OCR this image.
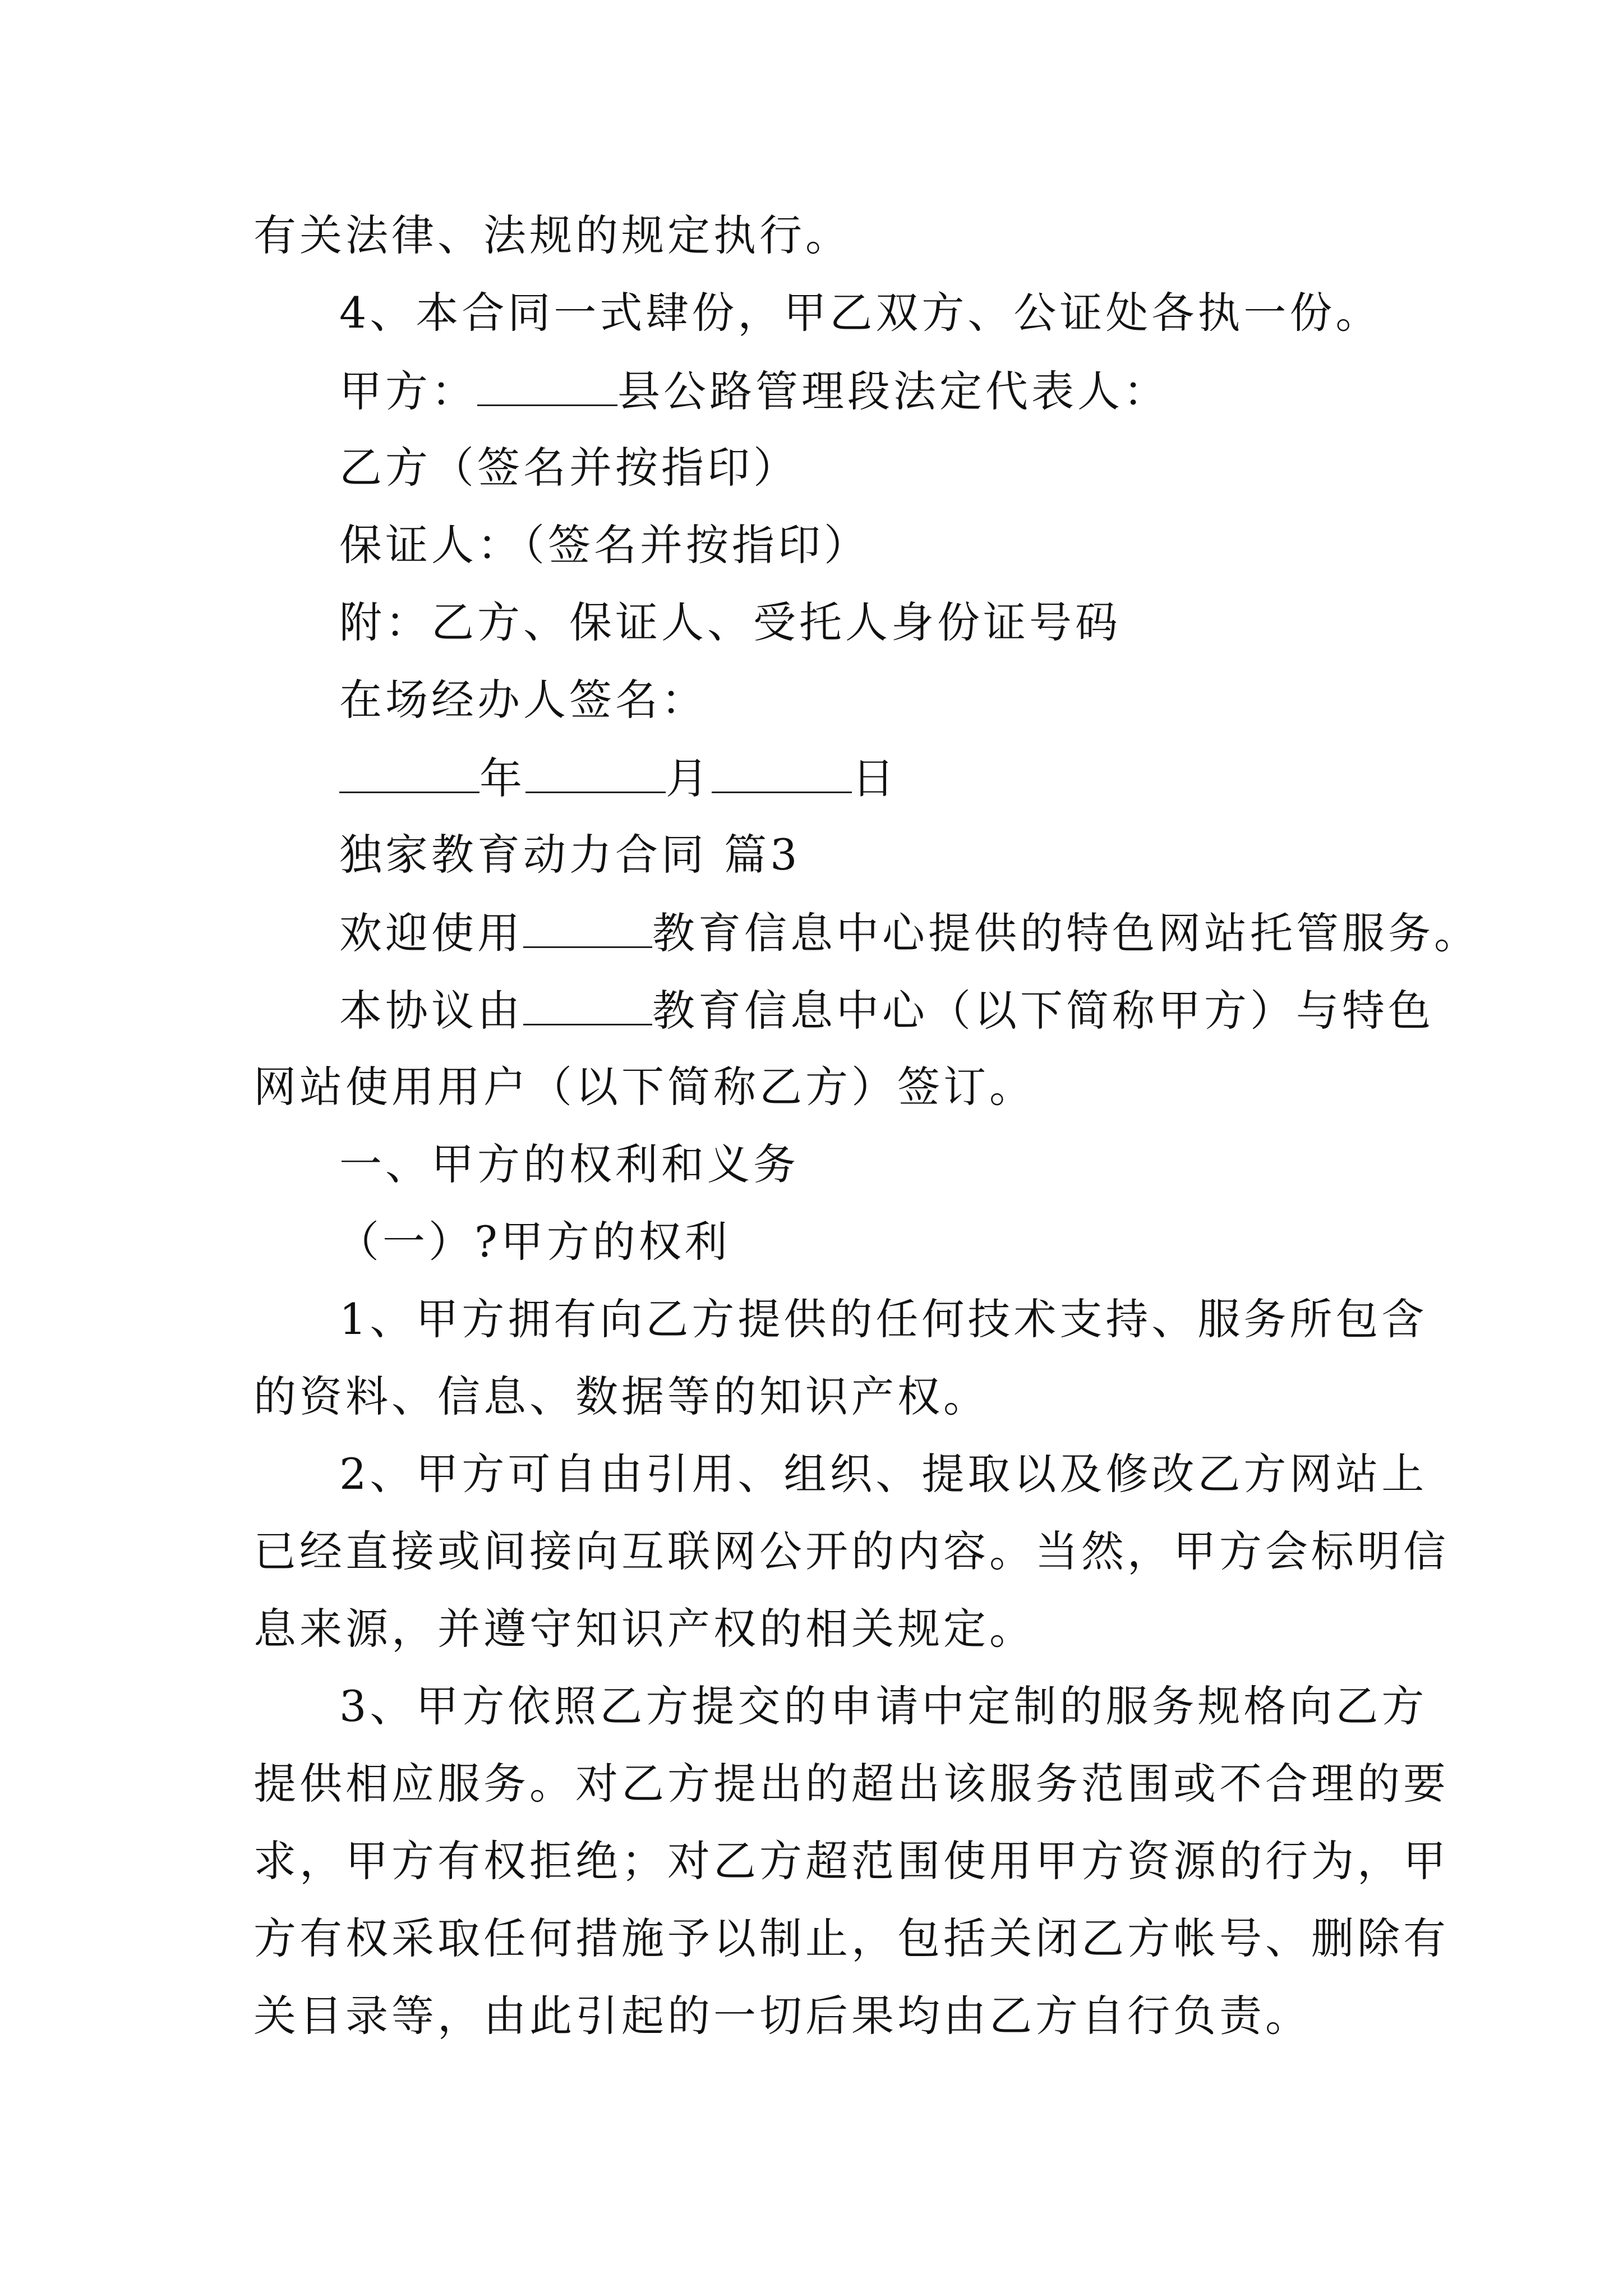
有关法律、法规的规定执行。
4、本合同一式肆份，甲乙双方、公证处各执一份。
甲方：	县公路管理段法定代表人：
乙方（签名并按指印）
保证人：（签名并按指印）
附：乙方、保证人、受托人身份证号码
在场经办人签名：
年	月	日
独家教育动力合同 篇3
欢迎使用	教育信息中心提供的特色网站托管服务。
本协议由	教育信息中心（以下简称甲方）与特色
网站使用用户（以下简称乙方）签订。
一、甲方的权利和义务
（一）?甲方的权利
1、甲方拥有向乙方提供的任何技术支持、服务所包含
的资料、信息、数据等的知识产权。
2、甲方可自由引用、组织、提取以及修改乙方网站上
已经直接或间接向互联网公开的内容。当然，甲方会标明信
息来源，并遵守知识产权的相关规定。
3、甲方依照乙方提交的申请中定制的服务规格向乙方
提供相应服务。对乙方提出的超出该服务范围或不合理的要
求，甲方有权拒绝；对乙方超范围使用甲方资源的行为，甲
方有权采取任何措施予以制止，包括关闭乙方帐号、删除有
关目录等，由此引起的一切后果均由乙方自行负责。
